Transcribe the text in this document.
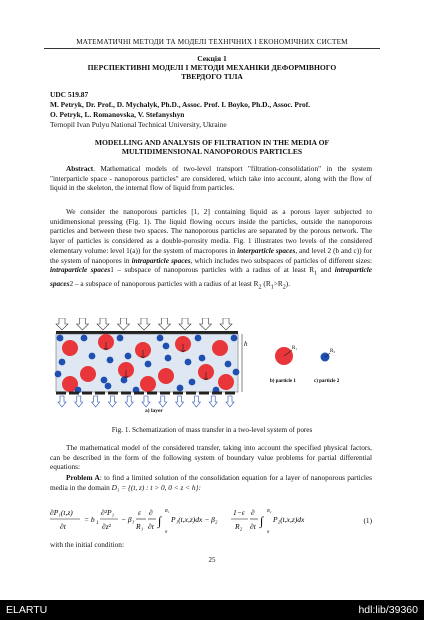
МАТЕМАТИЧНІ МЕТОДИ ТА МОДЕЛІ ТЕХНІЧНИХ І ЕКОНОМІЧНИХ СИСТЕМ
Секція 1
ПЕРСПЕКТИВНІ МОДЕЛІ І МЕТОДИ МЕХАНІКИ ДЕФОРМІВНОГО
ТВЕРДОГО ТІЛА
UDC 519.87
M. Petryk, Dr. Prof., D. Mychalyk, Ph.D., Assoc. Prof. I. Boyko, Ph.D., Assoc. Prof.
O. Petryk, L. Romanovska, V. Stefanyshyn
Ternopil Ivan Pulyu National Technical University, Ukraine
MODELLING AND ANALYSIS OF FILTRATION IN THE MEDIA OF
MULTIDIMENSIONAL NANOPOROUS PARTICLES
Abstract. Mathematical models of two-level transport "filtration-consolidation" in the system "interparticle space - nanoporous particles" are considered, which take into account, along with the flow of liquid in the skeleton, the internal flow of liquid from particles.
We consider the nanoporous particles [1, 2] containing liquid as a porous layer subjected to unidimensional pressing (Fig. 1). The liquid flowing occurs inside the particles, outside the nanoporous particles and between these two spaces. The nanoporous particles are separated by the porous network. The layer of particles is considered as a double-porosity media. Fig. 1 illustrates two levels of the considered elementary volume: level 1(a)) for the system of macropores in interparticle spaces, and level 2 (b and c)) for the system of nanopores in intraparticle spaces, which includes two subspaces of particles of different sizes: intraparticle spaces1 – subspace of nanoporous particles with a radius of at least $R_1$ and intraparticle spaces2 – a subspace of nanoporous particles with a radius of at least $R_2$ $(R_1>R_2)$.
h
R₁
b) particle 1
R₂
c) particle 2
a) layer
Fig. 1. Schematization of mass transfer in a two-level system of pores
The mathematical model of the considered transfer, taking into account the specified physical factors, can be described in the form of the following system of boundary value problems for partial differential equations:
Problem A: to find a limited solution of the consolidation equation for a layer of nanoporous particles media in the domain D₁ = {(t, z) : t > 0, 0 < z < h}:
∂P₁(t,z)
∂t
= b 1
∂²P₁
∂z²
− β₁
ε
R₁
∂
∂t ∫
R₁
0
P₁(t,x,z)dx − β₂
1−ε
R₂
∂
∂t ∫
R₂
0
P₂(t,x,z)dx	(1)
with the initial condition:
25
ELARTU	hdl:lib/39360
